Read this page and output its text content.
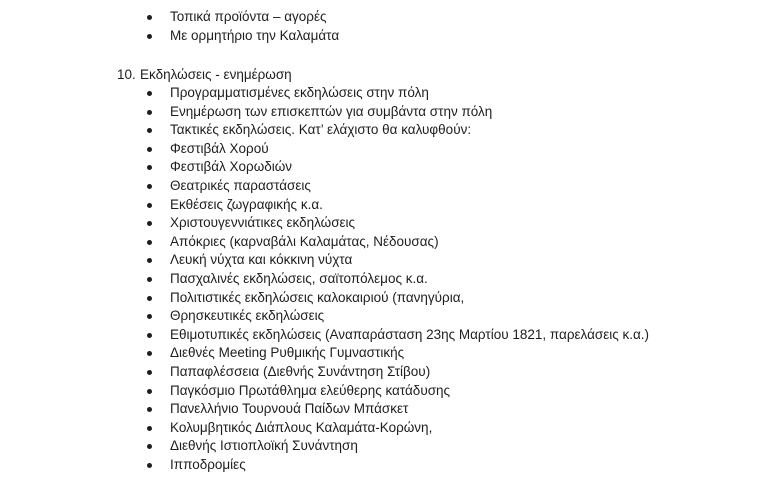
Τοπικά προϊόντα – αγορές
Με ορμητήριο την Καλαμάτα
10. Εκδηλώσεις - ενημέρωση
Προγραμματισμένες εκδηλώσεις στην πόλη
Ενημέρωση των επισκεπτών για συμβάντα στην πόλη
Τακτικές εκδηλώσεις. Κατ’ ελάχιστο θα καλυφθούν:
Φεστιβάλ Χορού
Φεστιβάλ Χορωδιών
Θεατρικές παραστάσεις
Εκθέσεις ζωγραφικής κ.α.
Χριστουγεννιάτικες εκδηλώσεις
Απόκριες (καρναβάλι Καλαμάτας, Νέδουσας)
Λευκή νύχτα και κόκκινη νύχτα
Πασχαλινές εκδηλώσεις, σαϊτοπόλεμος κ.α.
Πολιτιστικές εκδηλώσεις καλοκαιριού (πανηγύρια,
Θρησκευτικές εκδηλώσεις
Εθιμοτυπικές εκδηλώσεις (Αναπαράσταση 23ης Μαρτίου 1821, παρελάσεις κ.α.)
Διεθνές Meeting Ρυθμικής Γυμναστικής
Παπαφλέσσεια (Διεθνής Συνάντηση Στίβου)
Παγκόσμιο Πρωτάθλημα ελεύθερης κατάδυσης
Πανελλήνιο Τουρνουά Παίδων Μπάσκετ
Κολυμβητικός Διάπλους Καλαμάτα-Κορώνη,
Διεθνής Ιστιοπλοϊκή Συνάντηση
Ιπποδρομίες
